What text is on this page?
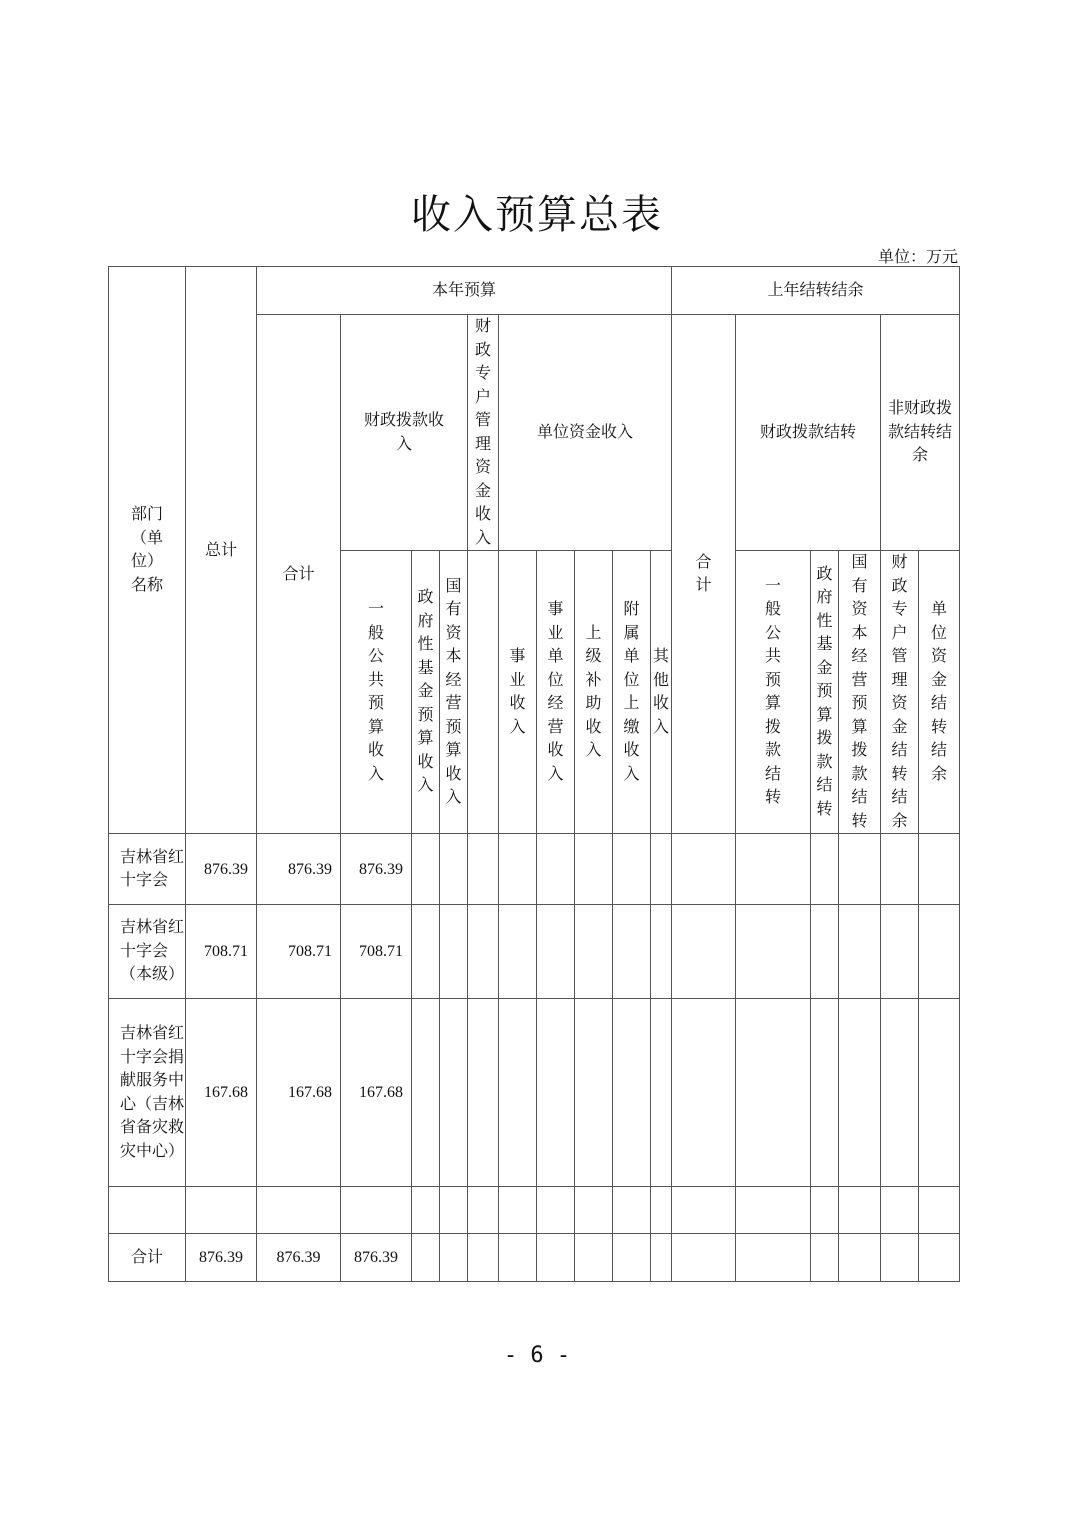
收入预算总表
单位：万元
部门（单位）名称	总计	本年预算										上年结转结余					
		合计	财政拨款收入			财政专户管理资金收入	单位资金收入					合计	财政拨款结转			非财政拨款结转结余	

			一般公共预算收入	政府性基金预算收入	国有资本经营预算收入		事业收入	事业单位经营收入	上级补助收入	附属单位上缴收入	其他收入		一般公共预算拨款结转	政府性基金预算拨款结转	国有资本经营预算拨款结转	财政专户管理资金结转结余	单位资金结转结余

吉林省红十字会	876.39	876.39	876.39														
吉林省红十字会（本级）	708.71	708.71	708.71														
吉林省红十字会捐献服务中心（吉林省备灾救灾中心）	167.68	167.68	167.68														

合计	876.39	876.39	876.39														
- 6 -
